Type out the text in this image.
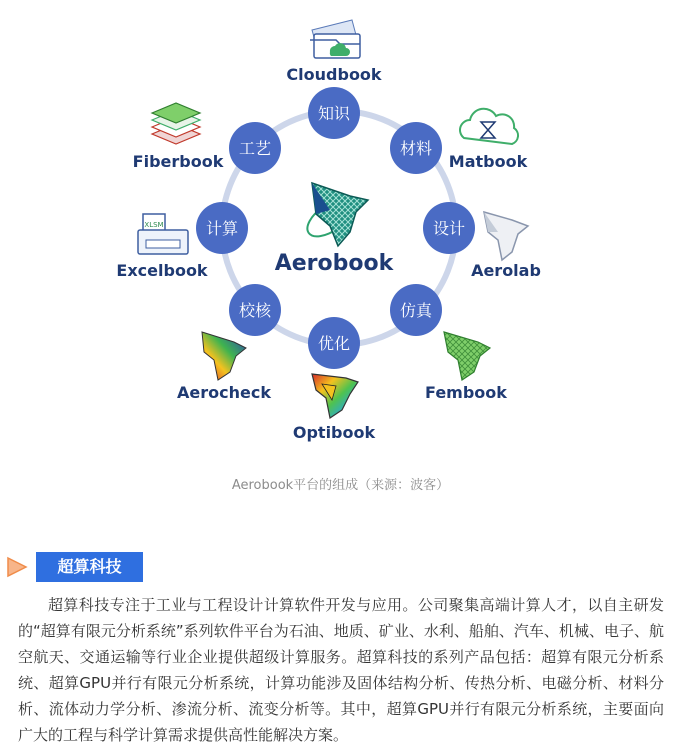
知识
材料
设计
仿真
优化
校核
计算
工艺
Aerobook
Cloudbook
Matbook
Aerolab
Fembook
Optibook
Aerocheck
XLSM
Excelbook
Fiberbook
Aerobook平台的组成（来源：波客）
超算科技

超算科技专注于工业与工程设计计算软件开发与应用。公司聚集高端计算人才，以自主研发的“超算有限元分析系统”系列软件平台为石油、地质、矿业、水利、船舶、汽车、机械、电子、航空航天、交通运输等行业企业提供超级计算服务。超算科技的系列产品包括：超算有限元分析系统、超算GPU并行有限元分析系统，计算功能涉及固体结构分析、传热分析、电磁分析、材料分析、流体动力学分析、渗流分析、流变分析等。其中，超算GPU并行有限元分析系统，主要面向广大的工程与科学计算需求提供高性能解决方案。
